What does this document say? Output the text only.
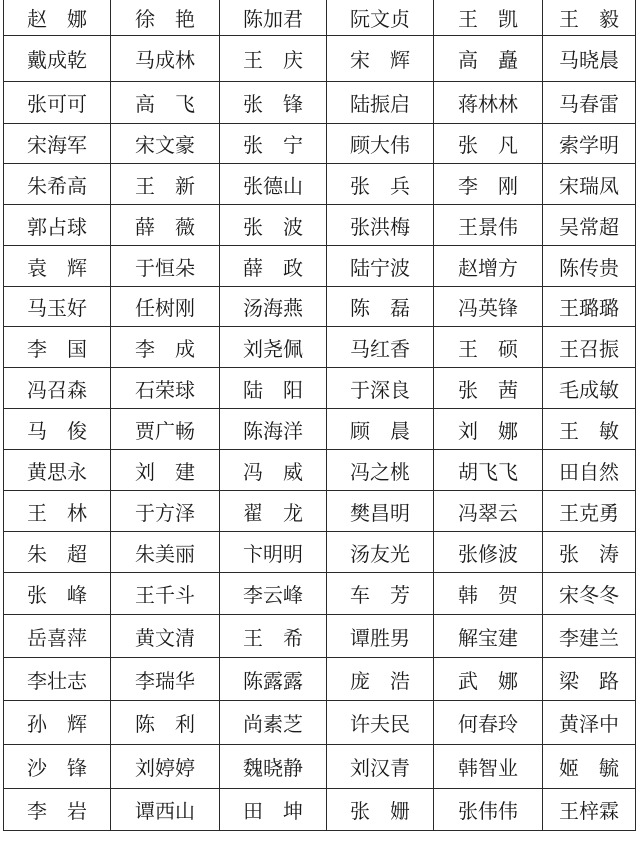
赵　娜	徐　艳	陈加君	阮文贞	王　凯	王　毅
戴成乾	马成林	王　庆	宋　辉	高　矗	马晓晨
张可可	高　飞	张　锋	陆振启	蒋林林	马春雷
宋海军	宋文豪	张　宁	顾大伟	张　凡	索学明
朱希高	王　新	张德山	张　兵	李　刚	宋瑞凤
郭占球	薛　薇	张　波	张洪梅	王景伟	吴常超
袁　辉	于恒朵	薛　政	陆宁波	赵增方	陈传贵
马玉好	任树刚	汤海燕	陈　磊	冯英锋	王璐璐
李　国	李　成	刘尧佩	马红香	王　硕	王召振
冯召森	石荣球	陆　阳	于深良	张　茜	毛成敏
马　俊	贾广畅	陈海洋	顾　晨	刘　娜	王　敏
黄思永	刘　建	冯　威	冯之桃	胡飞飞	田自然
王　林	于方泽	翟　龙	樊昌明	冯翠云	王克勇
朱　超	朱美丽	卞明明	汤友光	张修波	张　涛
张　峰	王千斗	李云峰	车　芳	韩　贺	宋冬冬
岳喜萍	黄文清	王　希	谭胜男	解宝建	李建兰
李壮志	李瑞华	陈露露	庞　浩	武　娜	梁　路
孙　辉	陈　利	尚素芝	许夫民	何春玲	黄泽中
沙　锋	刘婷婷	魏晓静	刘汉青	韩智业	姬　毓
李　岩	谭西山	田　坤	张　姗	张伟伟	王梓霖
